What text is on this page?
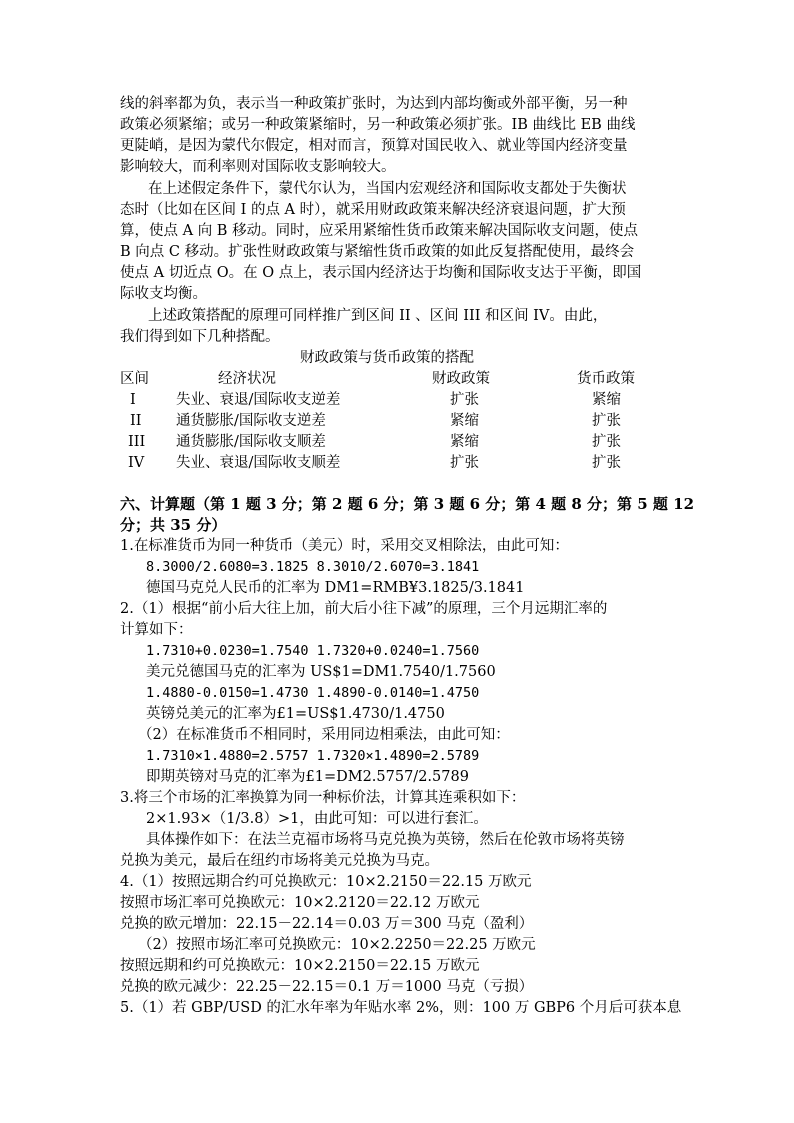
线的斜率都为负，表示当一种政策扩张时，为达到内部均衡或外部平衡，另一种
政策必须紧缩；或另一种政策紧缩时，另一种政策必须扩张。IB 曲线比 EB 曲线
更陡峭，是因为蒙代尔假定，相对而言，预算对国民收入、就业等国内经济变量
影响较大，而利率则对国际收支影响较大。
在上述假定条件下，蒙代尔认为，当国内宏观经济和国际收支都处于失衡状
态时（比如在区间 I 的点 A 时），就采用财政政策来解决经济衰退问题，扩大预
算，使点 A 向 B 移动。同时，应采用紧缩性货币政策来解决国际收支问题，使点
B 向点 C 移动。扩张性财政政策与紧缩性货币政策的如此反复搭配使用，最终会
使点 A 切近点 O。在 O 点上，表示国内经济达于均衡和国际收支达于平衡，即国
际收支均衡。
上述政策搭配的原理可同样推广到区间 II 、区间 III 和区间 IV。由此，
我们得到如下几种搭配。
财政政策与货币政策的搭配
区间	经济状况	财政政策	货币政策
I	失业、衰退/国际收支逆差	扩张	紧缩
II 通货膨胀/国际收支逆差	紧缩	扩张
III 通货膨胀/国际收支顺差	紧缩	扩张
IV 失业、衰退/国际收支顺差	扩张	扩张
六、计算题（第 1 题 3 分；第 2 题 6 分；第 3 题 6 分；第 4 题 8 分；第 5 题 12
分；共 35 分）
1.在标准货币为同一种货币（美元）时，采用交叉相除法，由此可知：
8.3000/2.6080=3.1825 8.3010/2.6070=3.1841
德国马克兑人民币的汇率为 DM1=RMB¥3.1825/3.1841
2.（1）根据“前小后大往上加，前大后小往下减”的原理，三个月远期汇率的
计算如下：
1.7310+0.0230=1.7540 1.7320+0.0240=1.7560
美元兑德国马克的汇率为 US$1=DM1.7540/1.7560
1.4880-0.0150=1.4730 1.4890-0.0140=1.4750
英镑兑美元的汇率为£1=US$1.4730/1.4750
（2）在标准货币不相同时，采用同边相乘法，由此可知：
1.7310×1.4880=2.5757 1.7320×1.4890=2.5789
即期英镑对马克的汇率为£1=DM2.5757/2.5789
3.将三个市场的汇率换算为同一种标价法，计算其连乘积如下：
2×1.93×（1/3.8）>1，由此可知：可以进行套汇。
具体操作如下：在法兰克福市场将马克兑换为英镑，然后在伦敦市场将英镑
兑换为美元，最后在纽约市场将美元兑换为马克。
4.（1）按照远期合约可兑换欧元：10×2.2150＝22.15 万欧元
按照市场汇率可兑换欧元：10×2.2120＝22.12 万欧元
兑换的欧元增加：22.15－22.14＝0.03 万＝300 马克（盈利）
（2）按照市场汇率可兑换欧元：10×2.2250＝22.25 万欧元
按照远期和约可兑换欧元：10×2.2150＝22.15 万欧元
兑换的欧元减少：22.25－22.15＝0.1 万＝1000 马克（亏损）
5.（1）若 GBP/USD 的汇水年率为年贴水率 2%，则：100 万 GBP6 个月后可获本息
